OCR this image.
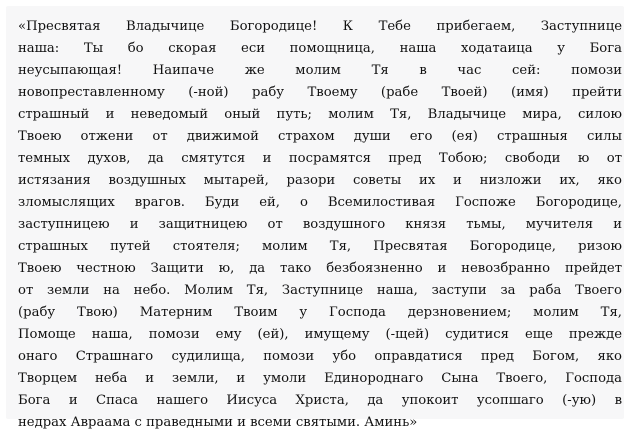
«Пресвятая Владычице Богородице! К Тебе прибегаем, Заступнице
наша: Ты бо скорая еси помощница, наша ходатаица у Бога
неусыпающая! Наипаче же молим Тя в час сей: помози
новопреставленному (-ной) рабу Твоему (рабе Твоей) (имя) прейти
страшный и неведомый оный путь; молим Тя, Владычице мира, силою
Твоею отжени от движимой страхом души его (ея) страшныя силы
темных духов, да смятутся и посрамятся пред Тобою; свободи ю от
истязания воздушных мытарей, разори советы их и низложи их, яко
зломыслящих врагов. Буди ей, о Всемилостивая Госпоже Богородице,
заступницею и защитницею от воздушного князя тьмы, мучителя и
страшных путей стоятеля; молим Тя, Пресвятая Богородице, ризою
Твоею честною Защити ю, да тако безбоязненно и невозбранно прейдет
от земли на небо. Молим Тя, Заступнице наша, заступи за раба Твоего
(рабу Твою) Матерним Твоим у Господа дерзновением; молим Тя,
Помоще наша, помози ему (ей), имущему (-щей) судитися еще прежде
онаго Страшнаго судилища, помози убо оправдатися пред Богом, яко
Творцем неба и земли, и умоли Единороднаго Сына Твоего, Господа
Бога и Спаса нашего Иисуса Христа, да упокоит усопшаго (-ую) в
недрах Авраама с праведными и всеми святыми. Аминь»
